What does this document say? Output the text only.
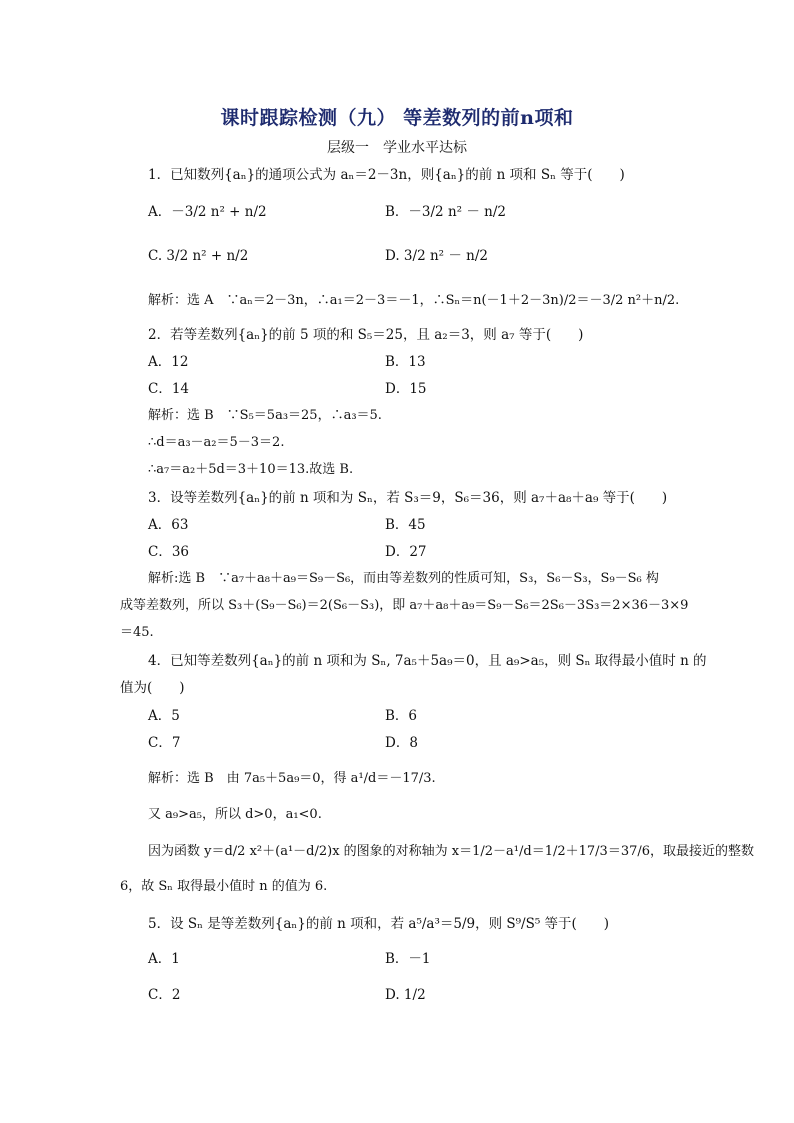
课时跟踪检测（九） 等差数列的前n项和
层级一　学业水平达标
1．已知数列{aₙ}的通项公式为 aₙ＝2－3n，则{aₙ}的前 n 项和 Sₙ 等于(　　)
A．－3/2 n² + n/2	B．－3/2 n² － n/2
C. 3/2 n² + n/2	D. 3/2 n² － n/2
解析：选 A　∵aₙ＝2－3n，∴a₁＝2－3＝－1，∴Sₙ＝n(－1＋2－3n)/2＝－3/2 n²＋n/2.
2．若等差数列{aₙ}的前 5 项的和 S₅＝25，且 a₂＝3，则 a₇ 等于(　　)
A．12	B．13
C．14	D．15
解析：选 B　∵S₅＝5a₃＝25，∴a₃＝5.
∴d＝a₃－a₂＝5－3＝2.
∴a₇＝a₂＋5d＝3＋10＝13.故选 B.
3．设等差数列{aₙ}的前 n 项和为 Sₙ，若 S₃＝9，S₆＝36，则 a₇＋a₈＋a₉ 等于(　　)
A．63	B．45
C．36	D．27
解析:选 B　∵a₇＋a₈＋a₉＝S₉－S₆，而由等差数列的性质可知，S₃，S₆－S₃，S₉－S₆ 构
成等差数列，所以 S₃＋(S₉－S₆)＝2(S₆－S₃)，即 a₇＋a₈＋a₉＝S₉－S₆＝2S₆－3S₃＝2×36－3×9
＝45.
4．已知等差数列{aₙ}的前 n 项和为 Sₙ, 7a₅＋5a₉＝0，且 a₉>a₅，则 Sₙ 取得最小值时 n 的
值为(　　)
A．5	B．6
C．7	D．8
解析：选 B　由 7a₅＋5a₉＝0，得 a¹/d＝－17/3.
又 a₉>a₅，所以 d>0，a₁<0.
因为函数 y＝d/2 x²＋(a¹－d/2)x 的图象的对称轴为 x＝1/2－a¹/d＝1/2＋17/3＝37/6，取最接近的整数
6，故 Sₙ 取得最小值时 n 的值为 6.
5．设 Sₙ 是等差数列{aₙ}的前 n 项和，若 a⁵/a³＝5/9，则 S⁹/S⁵ 等于(　　)
A．1	B．－1
C．2	D. 1/2
